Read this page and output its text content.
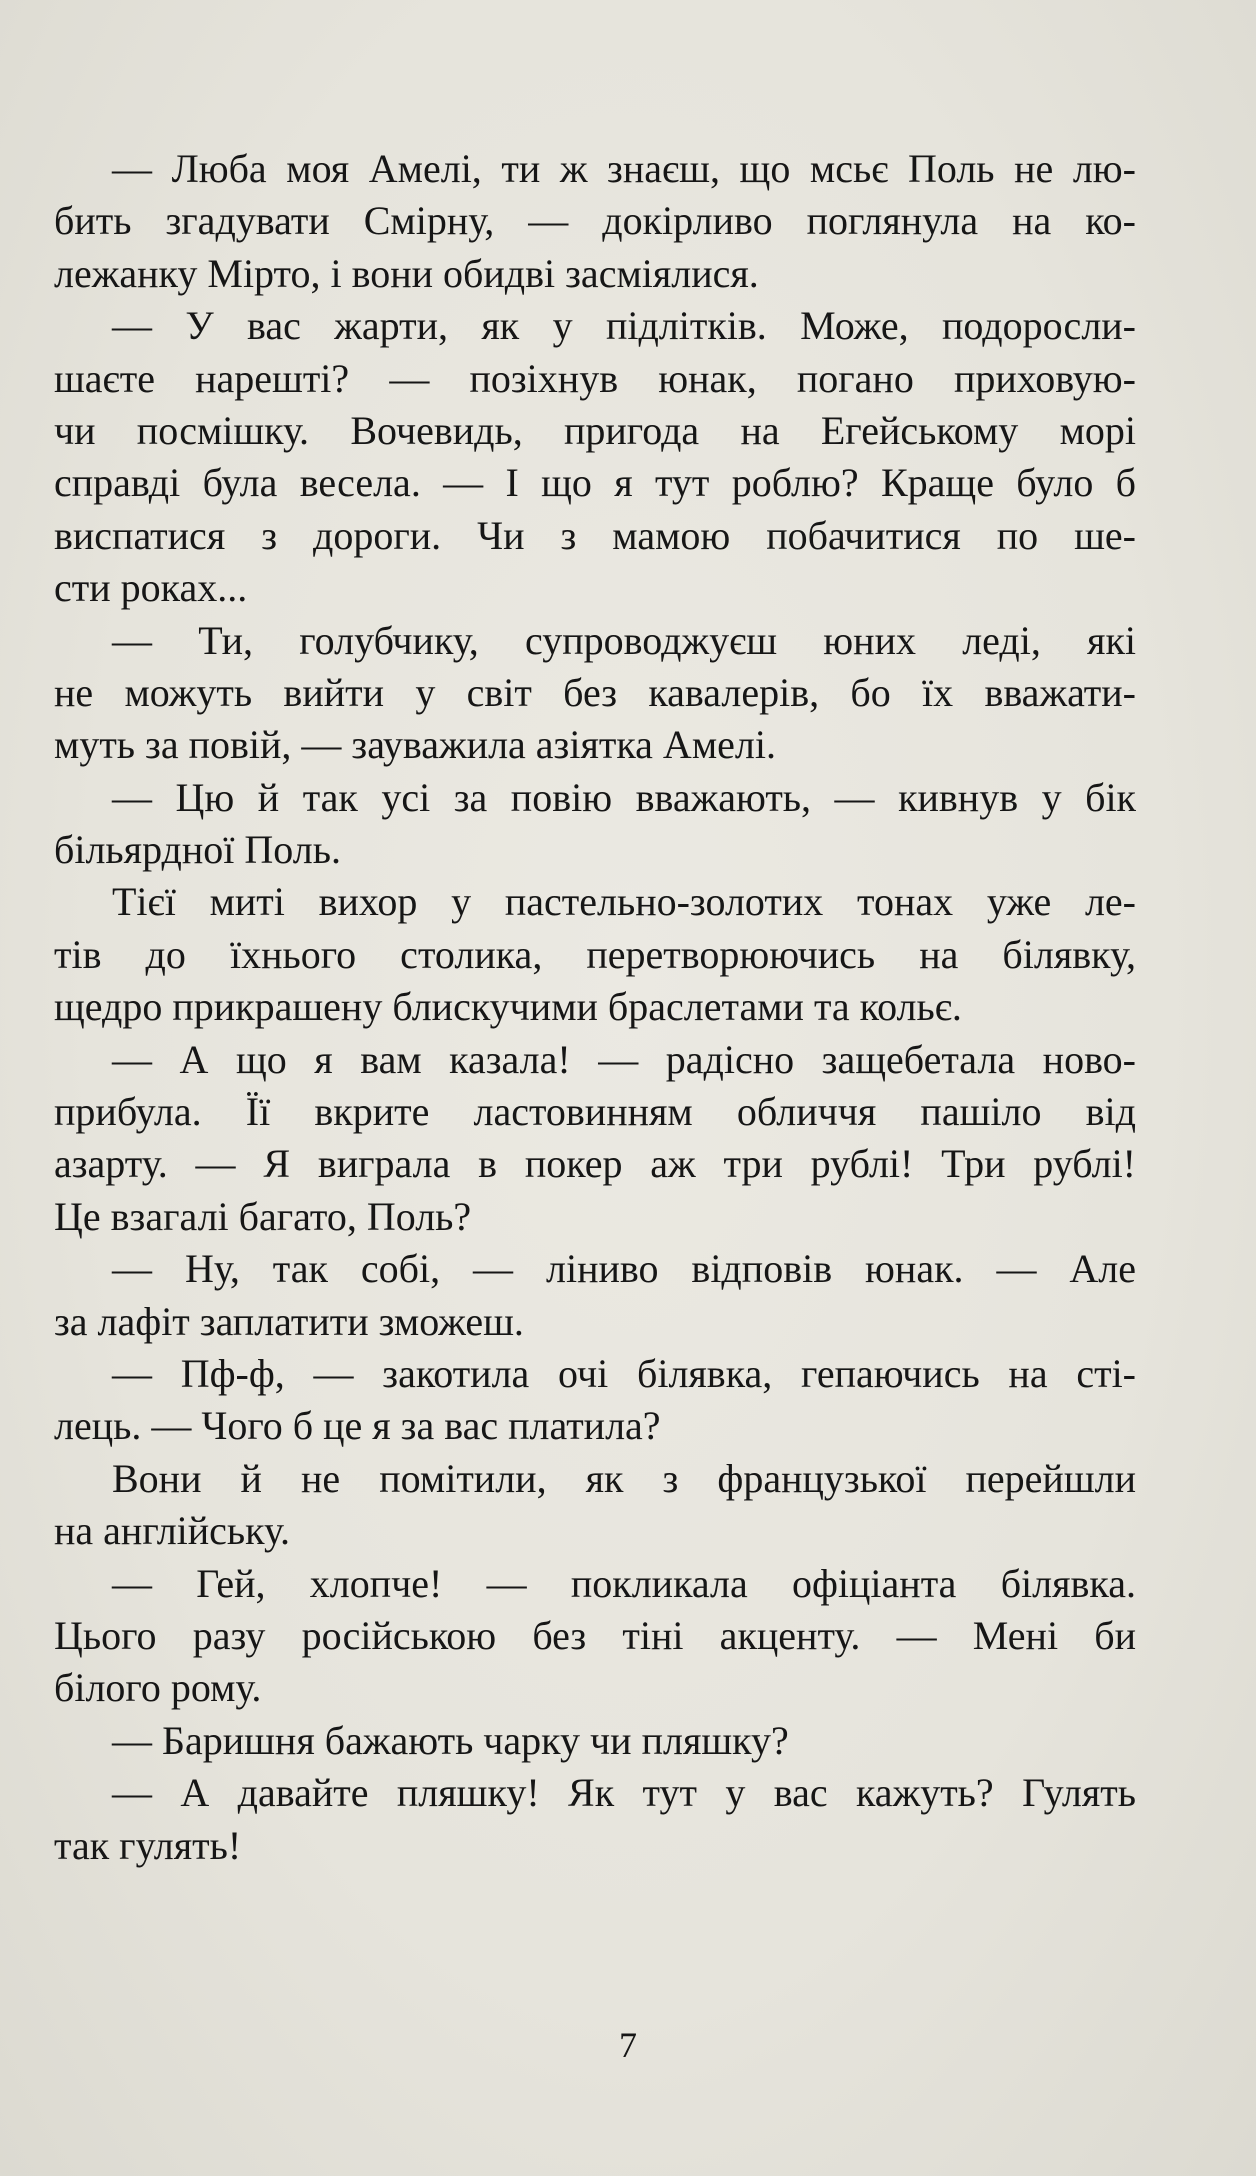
— Люба моя Амелі, ти ж знаєш, що мсьє Поль не лю-
бить згадувати Смірну, — докірливо поглянула на ко-
лежанку Мірто, і вони обидві засміялися.
— У вас жарти, як у підлітків. Може, подоросли-
шаєте нарешті? — позіхнув юнак, погано приховую-
чи посмішку. Вочевидь, пригода на Егейському морі
справді була весела. — І що я тут роблю? Краще було б
виспатися з дороги. Чи з мамою побачитися по ше-
сти роках...
— Ти, голубчику, супроводжуєш юних леді, які
не можуть вийти у світ без кавалерів, бо їх вважати-
муть за повій, — зауважила азіятка Амелі.
— Цю й так усі за повію вважають, — кивнув у бік
більярдної Поль.
Тієї миті вихор у пастельно-золотих тонах уже ле-
тів до їхнього столика, перетворюючись на білявку,
щедро прикрашену блискучими браслетами та кольє.
— А що я вам казала! — радісно защебетала ново-
прибула. Її вкрите ластовинням обличчя пашіло від
азарту. — Я виграла в покер аж три рублі! Три рублі!
Це взагалі багато, Поль?
— Ну, так собі, — ліниво відповів юнак. — Але
за лафіт заплатити зможеш.
— Пф-ф, — закотила очі білявка, гепаючись на сті-
лець. — Чого б це я за вас платила?
Вони й не помітили, як з французької перейшли
на англійську.
— Гей, хлопче! — покликала офіціанта білявка.
Цього разу російською без тіні акценту. — Мені би
білого рому.
— Баришня бажають чарку чи пляшку?
— А давайте пляшку! Як тут у вас кажуть? Гулять
так гулять!
7
